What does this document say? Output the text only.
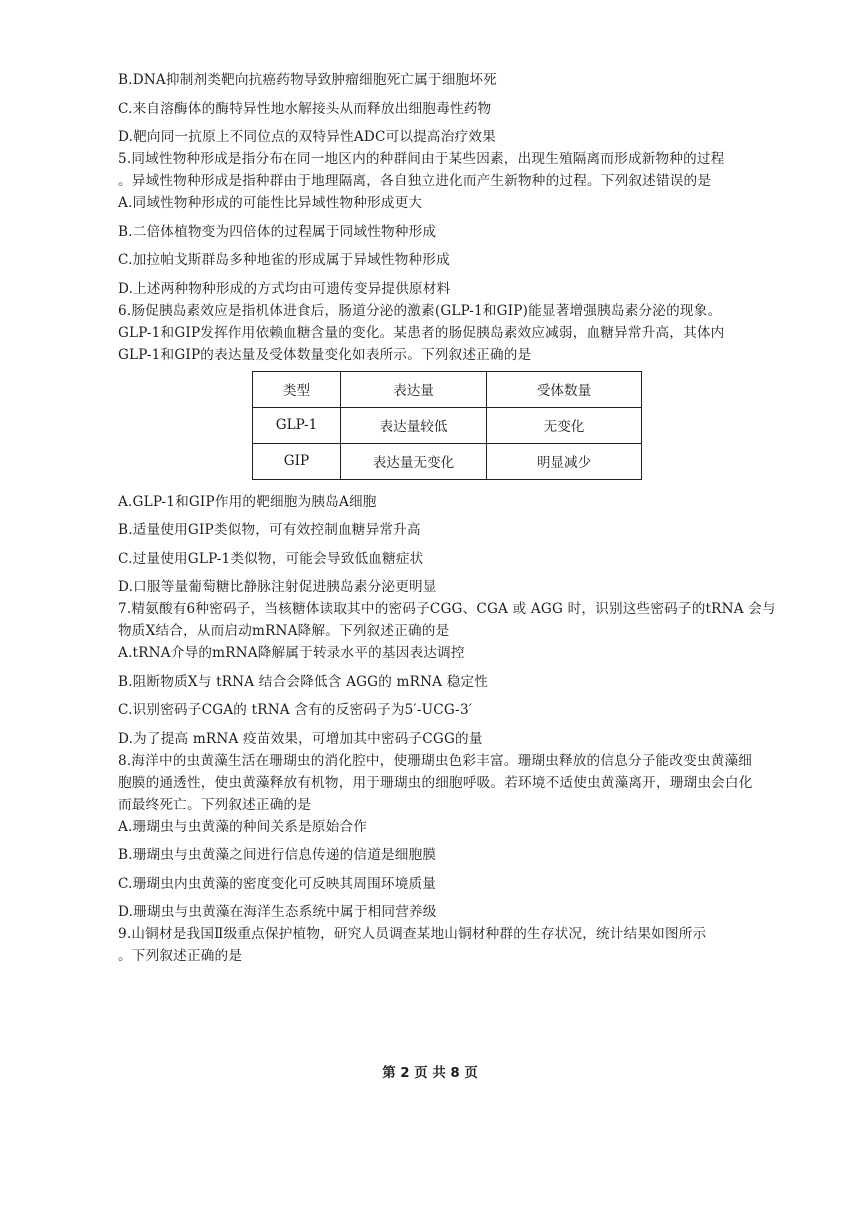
B.DNA抑制剂类靶向抗癌药物导致肿瘤细胞死亡属于细胞坏死
C.来自溶酶体的酶特异性地水解接头从而释放出细胞毒性药物
D.靶向同一抗原上不同位点的双特异性ADC可以提高治疗效果
5.同域性物种形成是指分布在同一地区内的种群间由于某些因素，出现生殖隔离而形成新物种的过程
。异域性物种形成是指种群由于地理隔离，各自独立进化而产生新物种的过程。下列叙述错误的是
A.同域性物种形成的可能性比异域性物种形成更大
B.二倍体植物变为四倍体的过程属于同域性物种形成
C.加拉帕戈斯群岛多种地雀的形成属于异域性物种形成
D.上述两种物种形成的方式均由可遗传变异提供原材料
6.肠促胰岛素效应是指机体进食后，肠道分泌的激素(GLP-1和GIP)能显著增强胰岛素分泌的现象。
GLP-1和GIP发挥作用依赖血糖含量的变化。某患者的肠促胰岛素效应减弱，血糖异常升高，其体内
GLP-1和GIP的表达量及受体数量变化如表所示。下列叙述正确的是
类型	表达量	受体数量
GLP-1	表达量较低	无变化
GIP	表达量无变化	明显减少
A.GLP-1和GIP作用的靶细胞为胰岛A细胞
B.适量使用GIP类似物，可有效控制血糖异常升高
C.过量使用GLP-1类似物，可能会导致低血糖症状
D.口服等量葡萄糖比静脉注射促进胰岛素分泌更明显
7.精氨酸有6种密码子，当核糖体读取其中的密码子CGG、CGA 或 AGG 时，识别这些密码子的tRNA 会与
物质X结合，从而启动mRNA降解。下列叙述正确的是
A.tRNA介导的mRNA降解属于转录水平的基因表达调控
B.阻断物质X与 tRNA 结合会降低含 AGG的 mRNA 稳定性
C.识别密码子CGA的 tRNA 含有的反密码子为5′-UCG-3′
D.为了提高 mRNA 疫苗效果，可增加其中密码子CGG的量
8.海洋中的虫黄藻生活在珊瑚虫的消化腔中，使珊瑚虫色彩丰富。珊瑚虫释放的信息分子能改变虫黄藻细
胞膜的通透性，使虫黄藻释放有机物，用于珊瑚虫的细胞呼吸。若环境不适使虫黄藻离开，珊瑚虫会白化
而最终死亡。下列叙述正确的是
A.珊瑚虫与虫黄藻的种间关系是原始合作
B.珊瑚虫与虫黄藻之间进行信息传递的信道是细胞膜
C.珊瑚虫内虫黄藻的密度变化可反映其周围环境质量
D.珊瑚虫与虫黄藻在海洋生态系统中属于相同营养级
9.山铜材是我国Ⅱ级重点保护植物，研究人员调查某地山铜材种群的生存状况，统计结果如图所示
。下列叙述正确的是
第 2 页 共 8 页
